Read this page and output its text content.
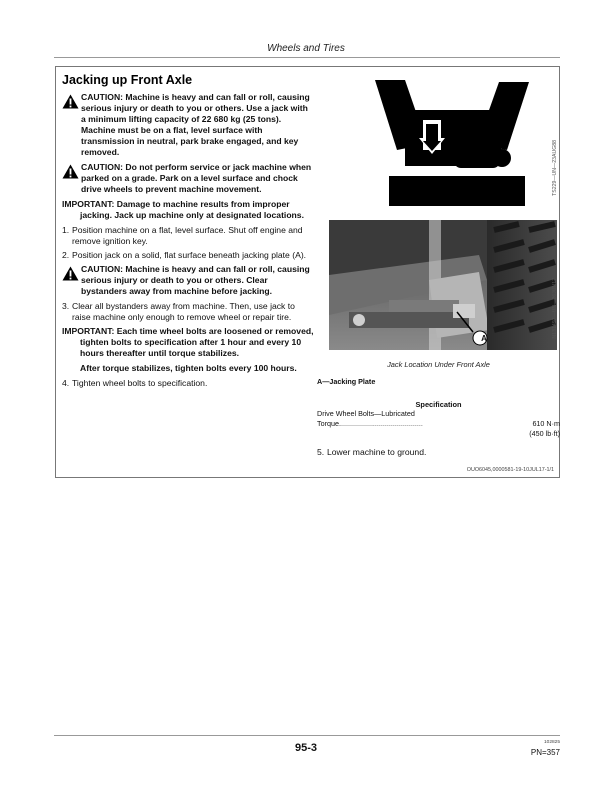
Wheels and Tires
Jacking up Front Axle

CAUTION: Machine is heavy and can fall or roll, causing serious injury or death to you or others. Use a jack with a minimum lifting capacity of 22 680 kg (25 tons). Machine must be on a flat, level surface with transmission in neutral, park brake engaged, and key removed.

CAUTION: Do not perform service or jack machine when parked on a grade. Park on a level surface and chock drive wheels to prevent machine movement.

IMPORTANT: Damage to machine results from improper jacking. Jack up machine only at designated locations.

1. Position machine on a flat, level surface. Shut off engine and remove ignition key.
2. Position jack on a solid, flat surface beneath jacking plate (A).

CAUTION: Machine is heavy and can fall or roll, causing serious injury or death to you or others. Clear bystanders away from machine before jacking.

3. Clear all bystanders away from machine. Then, use jack to raise machine only enough to remove wheel or repair tire.

IMPORTANT: Each time wheel bolts are loosened or removed, tighten bolts to specification after 1 hour and every 10 hours thereafter until torque stabilizes.

After torque stabilizes, tighten bolts every 100 hours.

4. Tighten wheel bolts to specification.
TS229—UN—23AUG88
A	N131497—UN—26JUN17
Jack Location Under Front Axle
A—Jacking Plate
Specification
Drive Wheel Bolts—Lubricated
Torque. .........................................	610 N·m
(450 lb·ft)
5. Lower machine to ground.
OUO6045,0000581-19-10JUL17-1/1
95-3	102825
PN=357
